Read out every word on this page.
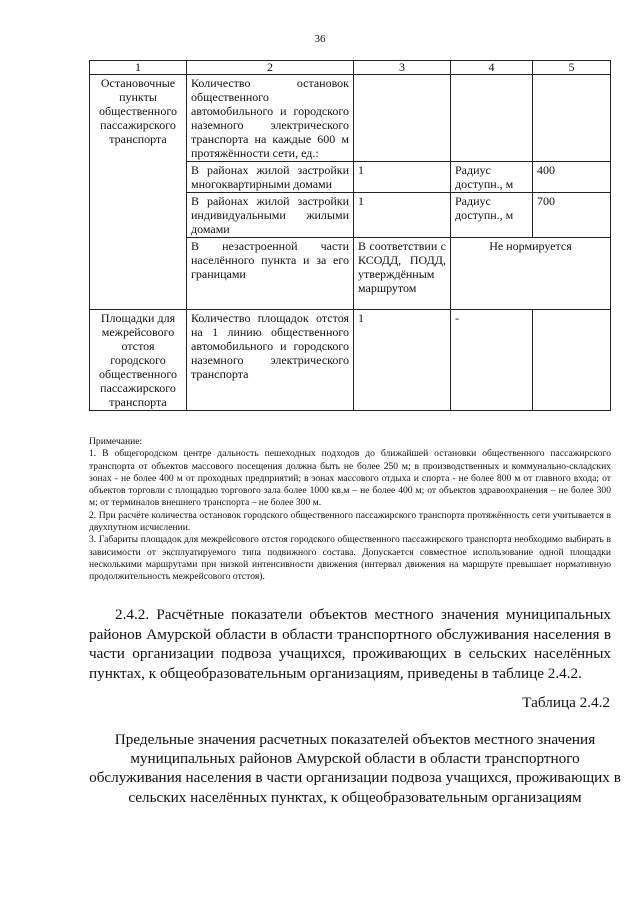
36
1	2	3	4	5
Остановочные пункты общественного пассажирского транспорта	Количество остановок общественного автомобильного и городского наземного электрического транспорта на каждые 600 м протяжённости сети, ед.:			
	В районах жилой застройки многоквартирными домами	1	Радиус доступн., м	400
	В районах жилой застройки индивидуальными жилыми домами	1	Радиус доступн., м	700
	В незастроенной части населённого пункта и за его границами	В соответствии с КСОДД, ПОДД, утверждённым маршрутом	Не нормируется	
Площадки для межрейсового отстоя городского общественного пассажирского транспорта	Количество площадок отстоя на 1 линию общественного автомобильного и городского наземного электрического транспорта	1	-	

Примечание:

1. В общегородском центре дальность пешеходных подходов до ближайшей остановки общественного пассажирского транспорта от объектов массового посещения должна быть не более 250 м; в производственных и коммунально-складских зонах - не более 400 м от проходных предприятий; в зонах массового отдыха и спорта - не более 800 м от главного входа; от объектов торговли с площадью торгового зала более 1000 кв.м – не более 400 м; от объектов здравоохранения – не более 300 м; от терминалов внешнего транспорта – не более 300 м.

2. При расчёте количества остановок городского общественного пассажирского транспорта протяжённость сети учитывается в двухпутном исчислении.

3. Габариты площадок для межрейсового отстоя городского общественного пассажирского транспорта необходимо выбирать в зависимости от эксплуатируемого типа подвижного состава. Допускается совместное использование одной площадки несколькими маршрутами при низкой интенсивности движения (интервал движения на маршруте превышает нормативную продолжительность межрейсового отстоя).

2.4.2. Расчётные показатели объектов местного значения муниципальных районов Амурской области в области транспортного обслуживания населения в части организации подвоза учащихся, проживающих в сельских населённых пунктах, к общеобразовательным организациям, приведены в таблице 2.4.2.

Таблица 2.4.2

Предельные значения расчетных показателей объектов местного значения муниципальных районов Амурской области в области транспортного обслуживания населения в части организации подвоза учащихся, проживающих в сельских населённых пунктах, к общеобразовательным организациям
